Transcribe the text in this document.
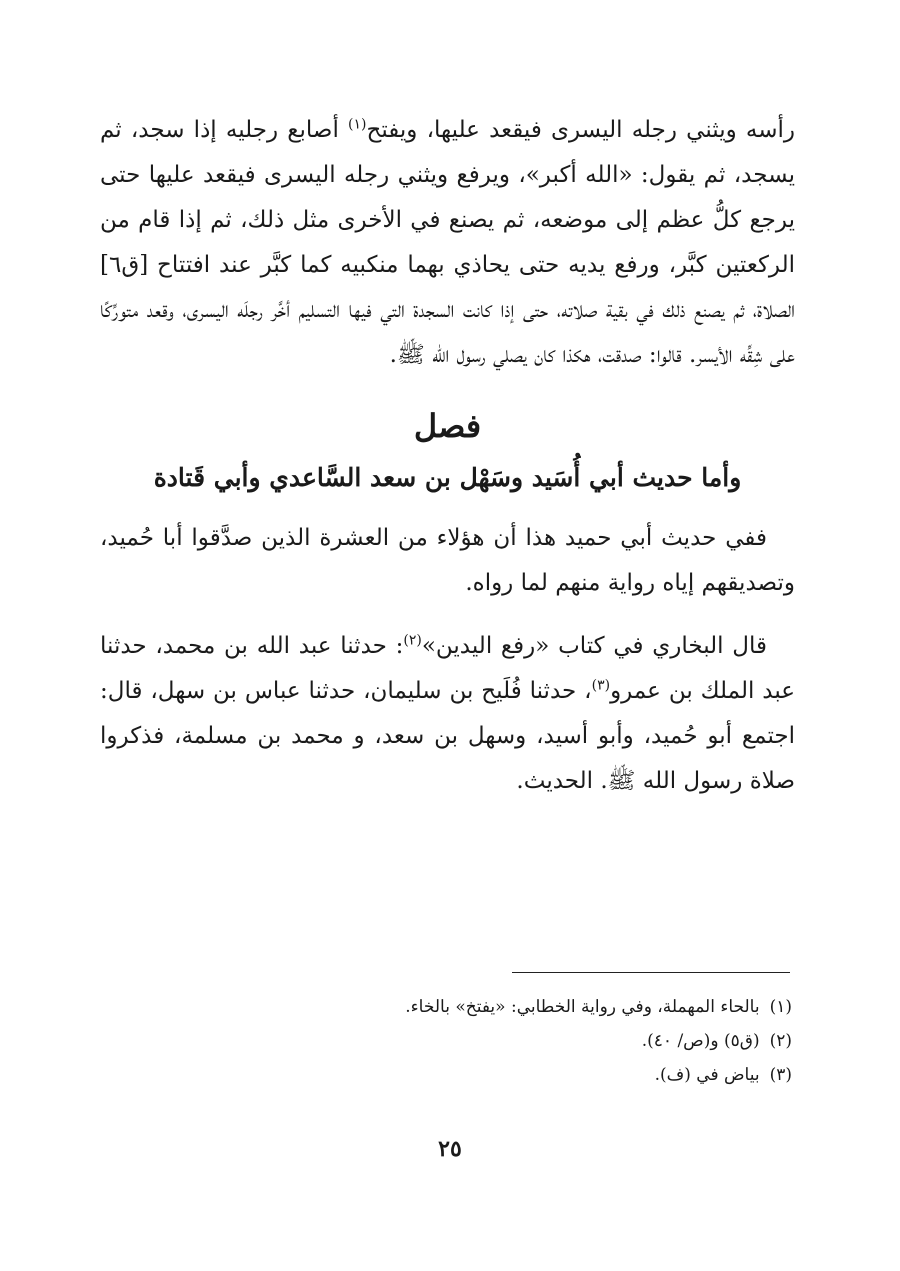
رأسه ويثني رجله اليسرى فيقعد عليها، ويفتح$^{(١)}$ أصابع رجليه إذا سجد، ثم يسجد، ثم يقول: «الله أكبر»، ويرفع ويثني رجله اليسرى فيقعد عليها حتى يرجع كلُّ عظم إلى موضعه، ثم يصنع في الأخرى مثل ذلك، ثم إذا قام من الركعتين كبَّر، ورفع يديه حتى يحاذي بهما منكبيه كما كبَّر عند افتتاح [ق٦] الصلاة، ثم يصنع ذلك في بقية صلاته، حتى إذا كانت السجدة التي فيها التسليم أخَّر رجلَه اليسرى، وقعد متورِّكًا على شِقِّه الأيسر. قالوا: صدقت، هكذا كان يصلي رسول الله ﷺ.

فصل
وأما حديث أبي أُسَيد وسَهْل بن سعد السَّاعدي وأبي قَتادة

ففي حديث أبي حميد هذا أن هؤلاء من العشرة الذين صدَّقوا أبا حُميد، وتصديقهم إياه رواية منهم لما رواه.

قال البخاري في كتاب «رفع اليدين»$^{(٢)}$: حدثنا عبد الله بن محمد، حدثنا عبد الملك بن عمرو$^{(٣)}$، حدثنا فُلَيح بن سليمان، حدثنا عباس بن سهل، قال: اجتمع أبو حُميد، وأبو أسيد، وسهل بن سعد، و محمد بن مسلمة، فذكروا صلاة رسول الله ﷺ. الحديث.

(١)بالحاء المهملة، وفي رواية الخطابي: «يفتخ» بالخاء.

(٢)(ق٥) و(ص/ ٤٠).

(٣)بياض في (ف).

٢٥
